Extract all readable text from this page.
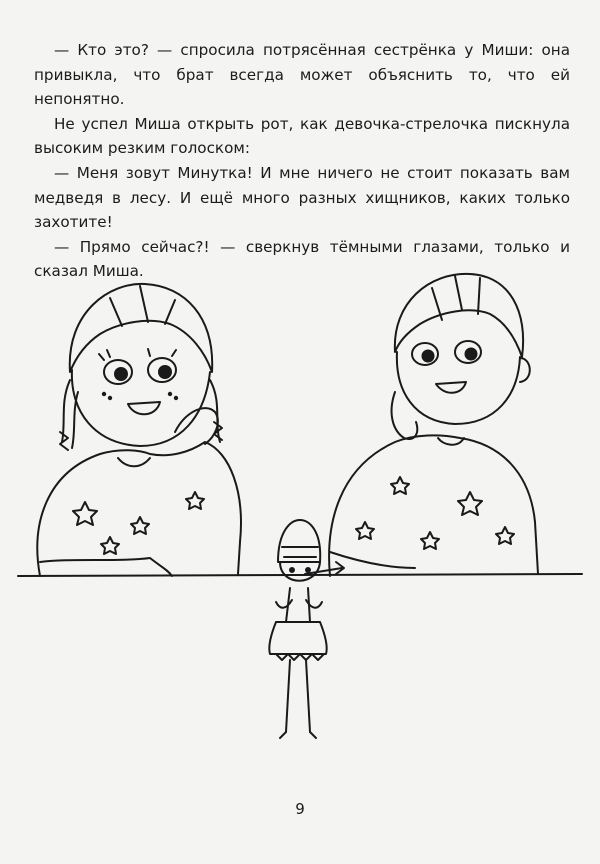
— Кто это? — спросила потрясённая сестрёнка у Миши: она привыкла, что брат всегда может объяснить то, что ей непонятно.

Не успел Миша открыть рот, как девочка-стрелочка пискнула высоким резким голоском:

— Меня зовут Минутка! И мне ничего не стоит показать вам медведя в лесу. И ещё много разных хищников, каких только захотите!

— Прямо сейчас?! — сверкнув тёмными глазами, только и сказал Миша.

9
